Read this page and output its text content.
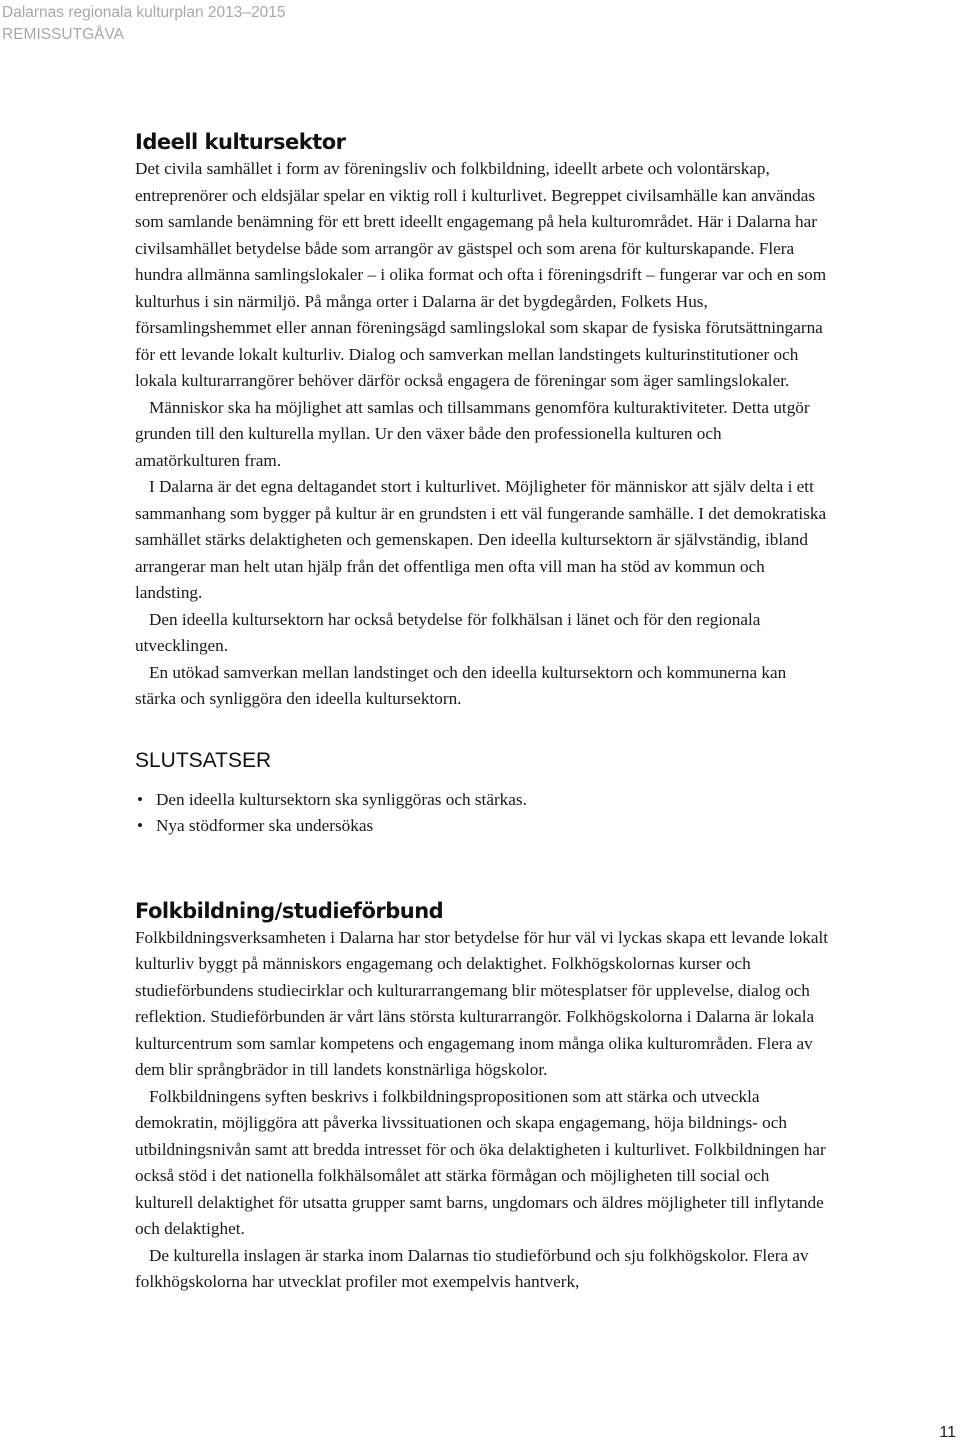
Dalarnas regionala kulturplan 2013–2015
REMISSUTGÅVA
Ideell kultursektor

Det civila samhället i form av föreningsliv och folkbildning, ideellt arbete och volontärskap, entreprenörer och eldsjälar spelar en viktig roll i kulturlivet. Begreppet civilsamhälle kan användas som samlande benämning för ett brett ideellt engagemang på hela kulturområdet. Här i Dalarna har civilsamhället betydelse både som arrangör av gästspel och som arena för kulturskapande. Flera hundra allmänna samlingslokaler – i olika format och ofta i föreningsdrift – fungerar var och en som kulturhus i sin närmiljö. På många orter i Dalarna är det bygdegården, Folkets Hus, församlingshemmet eller annan föreningsägd samlingslokal som skapar de fysiska förutsättningarna för ett levande lokalt kulturliv. Dialog och samverkan mellan landstingets kulturinstitutioner och lokala kulturarrangörer behöver därför också engagera de föreningar som äger samlingslokaler.

Människor ska ha möjlighet att samlas och tillsammans genomföra kulturaktiviteter. Detta utgör grunden till den kulturella myllan. Ur den växer både den professionella kulturen och amatörkulturen fram.

I Dalarna är det egna deltagandet stort i kulturlivet. Möjligheter för människor att själv delta i ett sammanhang som bygger på kultur är en grundsten i ett väl fungerande samhälle. I det demokratiska samhället stärks delaktigheten och gemenskapen. Den ideella kultursektorn är självständig, ibland arrangerar man helt utan hjälp från det offentliga men ofta vill man ha stöd av kommun och landsting.

Den ideella kultursektorn har också betydelse för folkhälsan i länet och för den regionala utvecklingen.

En utökad samverkan mellan landstinget och den ideella kultursektorn och kommunerna kan stärka och synliggöra den ideella kultursektorn.

SLUTSATSER
• Den ideella kultursektorn ska synliggöras och stärkas.
• Nya stödformer ska undersökas
Folkbildning/studieförbund

Folkbildningsverksamheten i Dalarna har stor betydelse för hur väl vi lyckas skapa ett levande lokalt kulturliv byggt på människors engagemang och delaktighet. Folkhögskolornas kurser och studieförbundens studiecirklar och kulturarrangemang blir mötesplatser för upplevelse, dialog och reflektion. Studieförbunden är vårt läns största kulturarrangör. Folkhögskolorna i Dalarna är lokala kulturcentrum som samlar kompetens och engagemang inom många olika kulturområden. Flera av dem blir språngbrädor in till landets konstnärliga högskolor.

Folkbildningens syften beskrivs i folkbildningspropositionen som att stärka och utveckla demokratin, möjliggöra att påverka livssituationen och skapa engagemang, höja bildnings- och utbildningsnivån samt att bredda intresset för och öka delaktigheten i kulturlivet. Folkbildningen har också stöd i det nationella folkhälsomålet att stärka förmågan och möjligheten till social och kulturell delaktighet för utsatta grupper samt barns, ungdomars och äldres möjligheter till inflytande och delaktighet.

De kulturella inslagen är starka inom Dalarnas tio studieförbund och sju folkhögskolor. Flera av folkhögskolorna har utvecklat profiler mot exempelvis hantverk,

11
